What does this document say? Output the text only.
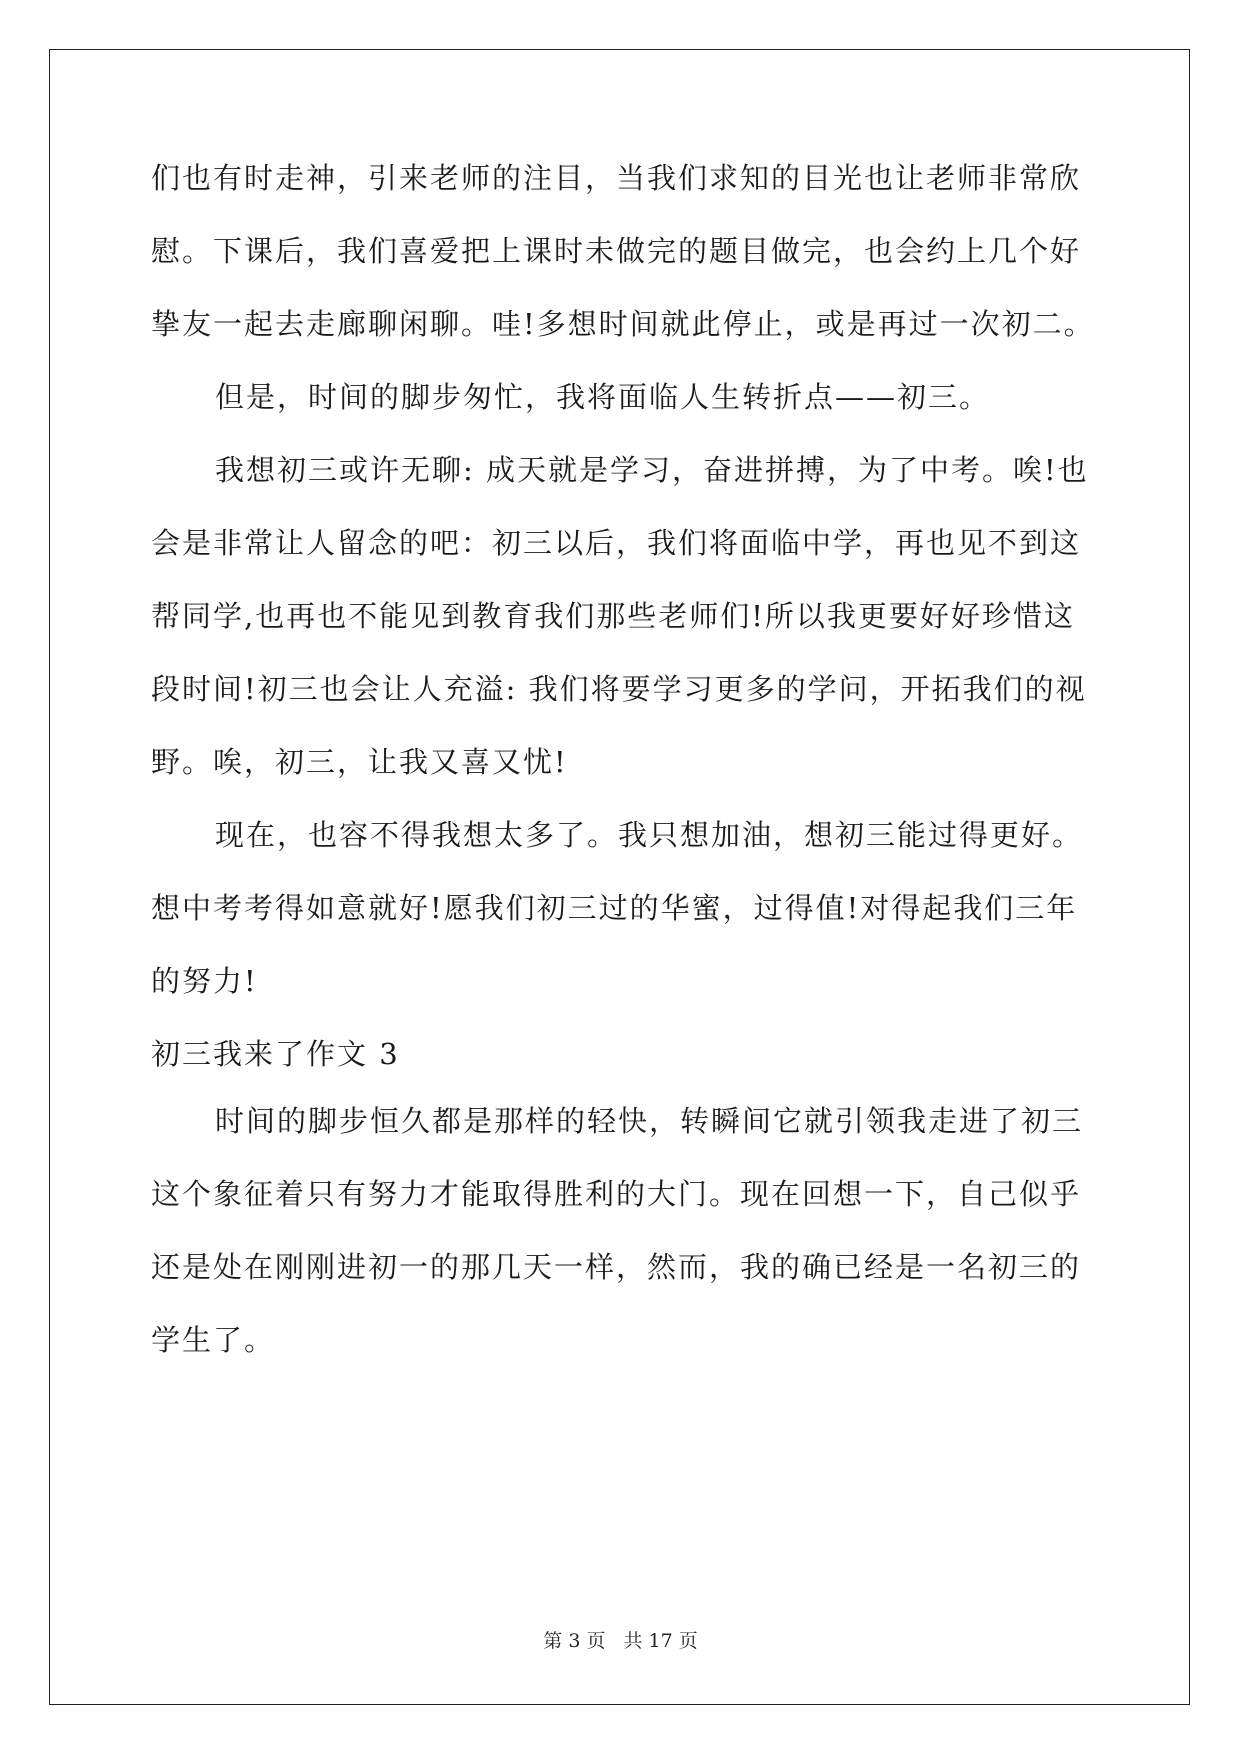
们也有时走神，引来老师的注目，当我们求知的目光也让老师非常欣
慰。下课后，我们喜爱把上课时未做完的题目做完，也会约上几个好
挚友一起去走廊聊闲聊。哇!多想时间就此停止，或是再过一次初二。
但是，时间的脚步匆忙，我将面临人生转折点——初三。
我想初三或许无聊: 成天就是学习，奋进拼搏，为了中考。唉!也
会是非常让人留念的吧：初三以后，我们将面临中学，再也见不到这
帮同学,也再也不能见到教育我们那些老师们!所以我更要好好珍惜这
段时间!初三也会让人充溢: 我们将要学习更多的学问，开拓我们的视
野。唉，初三，让我又喜又忧!
现在，也容不得我想太多了。我只想加油，想初三能过得更好。
想中考考得如意就好!愿我们初三过的华蜜，过得值!对得起我们三年
的努力!
初三我来了作文 3
时间的脚步恒久都是那样的轻快，转瞬间它就引领我走进了初三
这个象征着只有努力才能取得胜利的大门。现在回想一下，自己似乎
还是处在刚刚进初一的那几天一样，然而，我的确已经是一名初三的
学生了。
第 3 页 共 17 页
